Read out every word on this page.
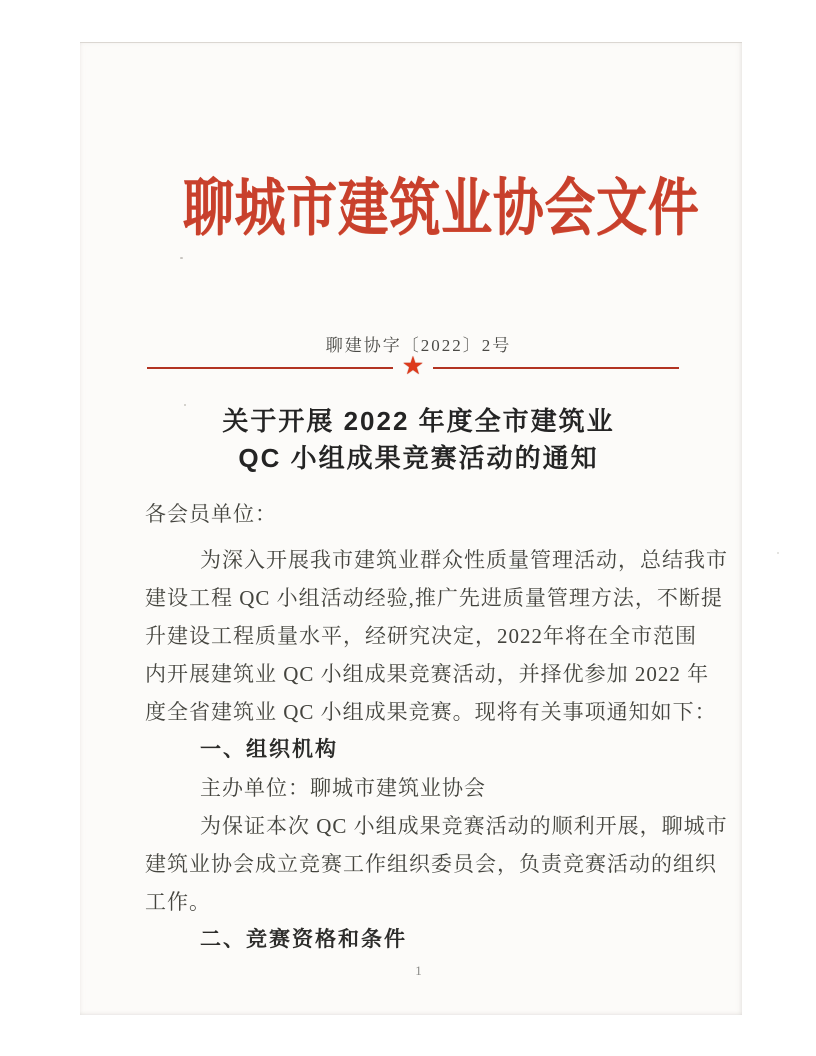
聊城市建筑业协会文件
聊建协字〔2022〕2号
★
关于开展 2022 年度全市建筑业
QC 小组成果竞赛活动的通知
各会员单位：
为深入开展我市建筑业群众性质量管理活动，总结我市
建设工程 QC 小组活动经验,推广先进质量管理方法，不断提
升建设工程质量水平，经研究决定，2022年将在全市范围
内开展建筑业 QC 小组成果竞赛活动，并择优参加 2022 年
度全省建筑业 QC 小组成果竞赛。现将有关事项通知如下：
一、组织机构
主办单位：聊城市建筑业协会
为保证本次 QC 小组成果竞赛活动的顺利开展，聊城市
建筑业协会成立竞赛工作组织委员会，负责竞赛活动的组织
工作。
二、竞赛资格和条件
1
